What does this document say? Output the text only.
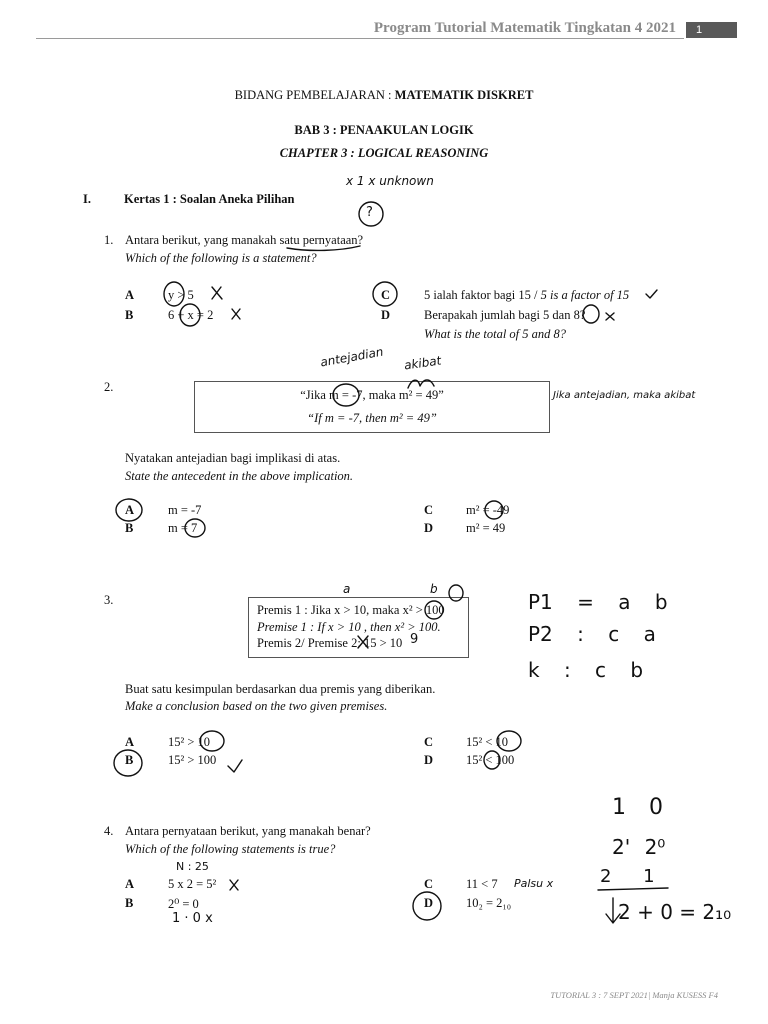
Program Tutorial Matematik Tingkatan 4 2021	1
BIDANG PEMBELAJARAN : MATEMATIK DISKRET
BAB 3 : PENAAKULAN LOGIK
CHAPTER 3 : LOGICAL REASONING
I.	Kertas 1 : Soalan Aneka Pilihan
1. Antara berikut, yang manakah satu pernyataan?
Which of the following is a statement?
A	y > 5
B	6 + x = 2
C	5 ialah faktor bagi 15 / 5 is a factor of 15
D	Berapakah jumlah bagi 5 dan 8?
What is the total of 5 and 8?
2.
“Jika m = -7, maka m² = 49”
“If m = -7, then m² = 49”
Nyatakan antejadian bagi implikasi di atas.
State the antecedent in the above implication.
A	m = -7
B	m = 7
C	m² = -49
D	m² = 49
3.
Premis 1 : Jika x > 10, maka x² > 100
Premise 1 : If x > 10 , then x² > 100.
Premis 2/ Premise 2: 15 > 10
Buat satu kesimpulan berdasarkan dua premis yang diberikan.
Make a conclusion based on the two given premises.
A	15² > 10
B	15² > 100
C	15² < 10
D	15² < 100
4. Antara pernyataan berikut, yang manakah benar?
Which of the following statements is true?
A	5 x 2 = 5²
B	2⁰ = 0
C	11 < 7
D	10₂ = 2₁₀
TUTORIAL 3 : 7 SEPT 2021| Manja KUSESS F4
x 1 x unknown
?
antejadian akibat
Jika antejadian, maka akibat
a	b
9
P1 = a b
P2 : c a
k : c b
N : 25
Palsu x
1 · 0 x
1 0
2' 2⁰
2 1
2 + 0 = 2₁₀
